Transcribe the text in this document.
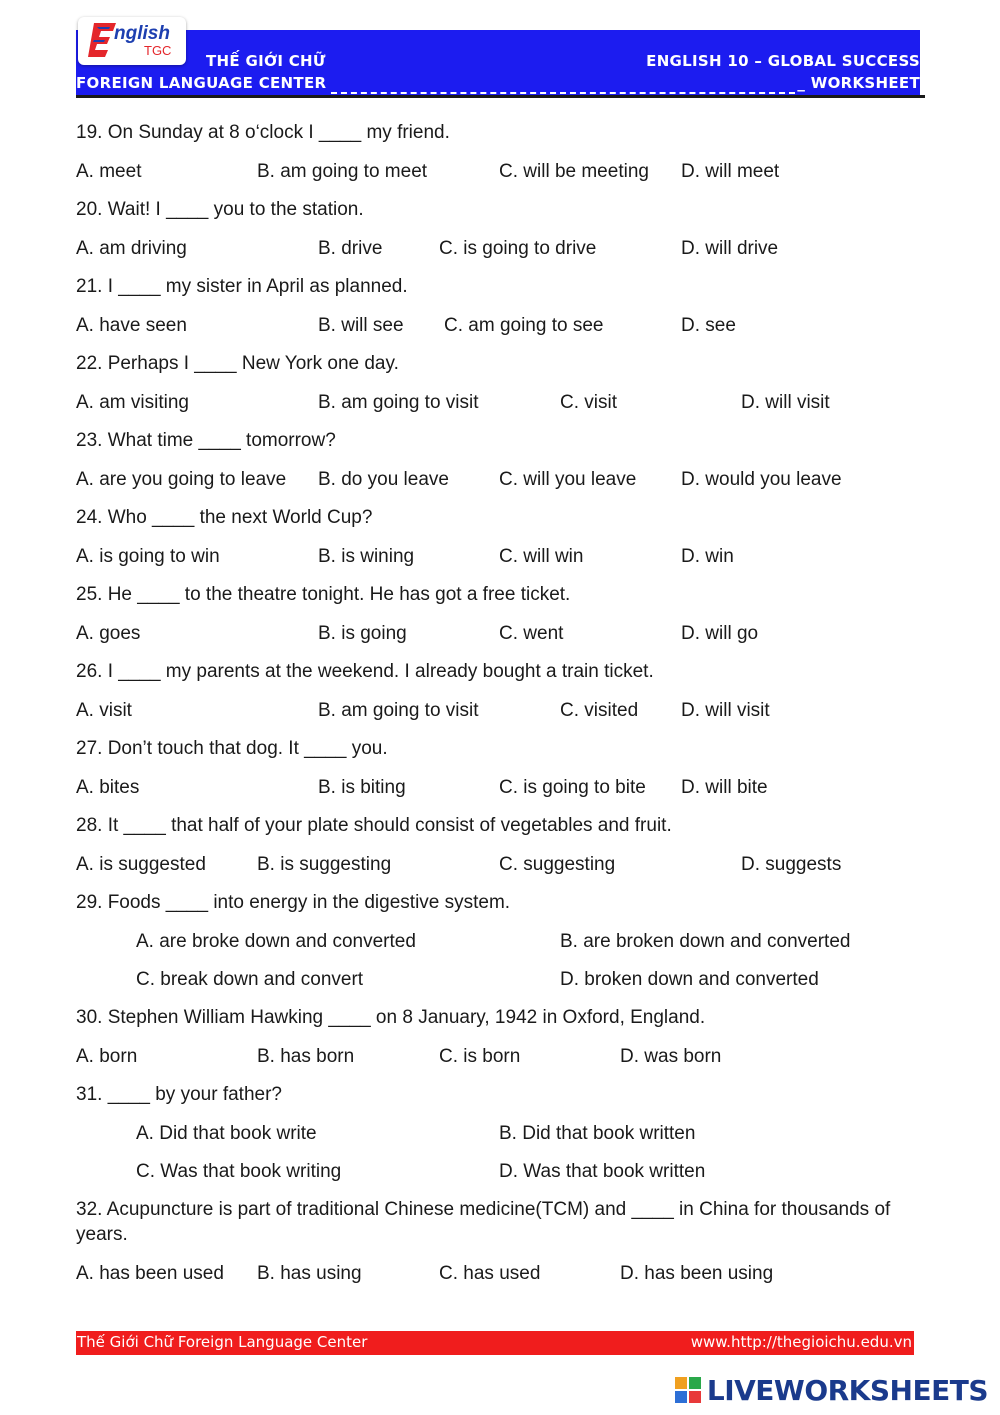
nglish
TGC
THẾ GIỚI CHỮ	ENGLISH 10 – GLOBAL SUCCESS
FOREIGN LANGUAGE CENTER	_ WORKSHEET
19. On Sunday at 8 o‘clock I ____ my friend.
A. meet	B. am going to meet	C. will be meeting D. will meet
20. Wait! I ____ you to the station.
A. am driving	B. drive	C. is going to drive	D. will drive
21. I ____ my sister in April as planned.
A. have seen	B. will see C. am going to see	D. see
22. Perhaps I ____ New York one day.
A. am visiting	B. am going to visit	C. visit	D. will visit
23. What time ____ tomorrow?
A. are you going to leave B. do you leave	C. will you leave D. would you leave
24. Who ____ the next World Cup?
A. is going to win	B. is wining	C. will win	D. win
25. He ____ to the theatre tonight. He has got a free ticket.
A. goes	B. is going	C. went	D. will go
26. I ____ my parents at the weekend. I already bought a train ticket.
A. visit	B. am going to visit	C. visited D. will visit
27. Don’t touch that dog. It ____ you.
A. bites	B. is biting	C. is going to bite D. will bite
28. It ____ that half of your plate should consist of vegetables and fruit.
A. is suggested	B. is suggesting	C. suggesting	D. suggests
29. Foods ____ into energy in the digestive system.
A. are broke down and converted	B. are broken down and converted
C. break down and convert	D. broken down and converted
30. Stephen William Hawking ____ on 8 January, 1942 in Oxford, England.
A. born	B. has born	C. is born	D. was born
31. ____ by your father?
A. Did that book write	B. Did that book written
C. Was that book writing	D. Was that book written
32. Acupuncture is part of traditional Chinese medicine(TCM) and ____ in China for thousands of years.
A. has been used B. has using	C. has used	D. has been using
Thế Giới Chữ Foreign Language Center	www.http://thegioichu.edu.vn
LIVEWORKSHEETS
